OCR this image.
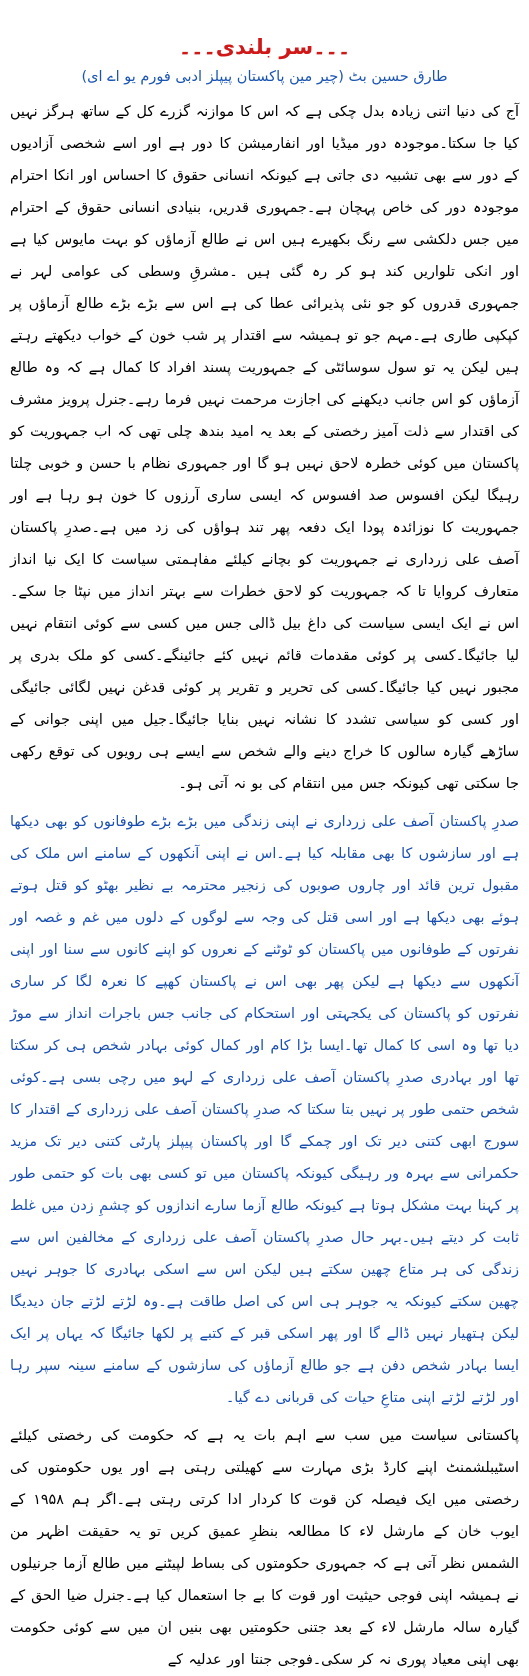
۔۔۔سر بلندی۔۔۔
طارق حسین بٹ (چیر مین پاکستان پیپلز ادبی فورم یو اے ای)

آج کی دنیا اتنی زیادہ بدل چکی ہے کہ اس کا موازنہ گزرے کل کے ساتھ ہرگز نہیں کیا جا سکتا۔موجودہ دور میڈیا اور انفارمیشن کا دور ہے اور اسے شخصی آزادیوں کے دور سے بھی تشبیہ دی جاتی ہے کیونکہ انسانی حقوق کا احساس اور انکا احترام موجودہ دور کی خاص پہچان ہے۔جمہوری قدریں، بنیادی انسانی حقوق کے احترام میں جس دلکشی سے رنگ بکھیرے ہیں اس نے طالع آزماؤں کو بہت مایوس کیا ہے اور انکی تلواریں کند ہو کر رہ گئی ہیں ۔مشرقِ وسطی کی عوامی لہر نے جمہوری قدروں کو جو نئی پذیرائی عطا کی ہے اس سے بڑے بڑے طالع آزماؤں پر کپکپی طاری ہے۔مہم جو تو ہمیشہ سے اقتدار پر شب خون کے خواب دیکھتے رہتے ہیں لیکن یہ تو سول سوسائٹی کے جمہوریت پسند افراد کا کمال ہے کہ وہ طالع آزماؤں کو اس جانب دیکھنے کی اجازت مرحمت نہیں فرما رہے۔جنرل پرویز مشرف کی اقتدار سے ذلت آمیز رخصتی کے بعد یہ امید بندھ چلی تھی کہ اب جمہوریت کو پاکستان میں کوئی خطرہ لاحق نہیں ہو گا اور جمہوری نظام با حسن و خوبی چلتا رہیگا لیکن افسوس صد افسوس کہ ایسی ساری آرزوں کا خون ہو رہا ہے اور جمہوریت کا نوزائدہ پودا ایک دفعہ پھر تند ہواؤں کی زد میں ہے۔صدرِ پاکستان آصف علی زرداری نے جمہوریت کو بچانے کیلئے مفاہمتی سیاست کا ایک نیا انداز متعارف کروایا تا کہ جمہوریت کو لاحق خطرات سے بہتر انداز میں نپٹا جا سکے۔اس نے ایک ایسی سیاست کی داغ بیل ڈالی جس میں کسی سے کوئی انتقام نہیں لیا جائیگا۔کسی پر کوئی مقدمات قائم نہیں کئے جائینگے۔کسی کو ملک بدری پر مجبور نہیں کیا جائیگا۔کسی کی تحریر و تقریر پر کوئی قدغن نہیں لگائی جائیگی اور کسی کو سیاسی تشدد کا نشانہ نہیں بنایا جائیگا۔جیل میں اپنی جوانی کے ساڑھے گیارہ سالوں کا خراج دینے والے شخص سے ایسے ہی رویوں کی توقع رکھی جا سکتی تھی کیونکہ جس میں انتقام کی بو نہ آتی ہو۔

صدرِ پاکستان آصف علی زرداری نے اپنی زندگی میں بڑے بڑے طوفانوں کو بھی دیکھا ہے اور سازشوں کا بھی مقابلہ کیا ہے۔اس نے اپنی آنکھوں کے سامنے اس ملک کی مقبول ترین قائد اور چاروں صوبوں کی زنجیر محترمہ بے نظیر بھٹو کو قتل ہوتے ہوئے بھی دیکھا ہے اور اسی قتل کی وجہ سے لوگوں کے دلوں میں غم و غصہ اور نفرتوں کے طوفانوں میں پاکستان کو ٹوٹنے کے نعروں کو اپنے کانوں سے سنا اور اپنی آنکھوں سے دیکھا ہے لیکن پھر بھی اس نے پاکستان کھپے کا نعرہ لگا کر ساری نفرتوں کو پاکستان کی یکجہتی اور استحکام کی جانب جس باجرات انداز سے موڑ دیا تھا وہ اسی کا کمال تھا۔ایسا بڑا کام اور کمال کوئی بہادر شخص ہی کر سکتا تھا اور بہادری صدرِ پاکستان آصف علی زرداری کے لہو میں رچی بسی ہے۔کوئی شخص حتمی طور پر نہیں بتا سکتا کہ صدرِ پاکستان آصف علی زرداری کے اقتدار کا سورج ابھی کتنی دیر تک اور چمکے گا اور پاکستان پیپلز پارٹی کتنی دیر تک مزید حکمرانی سے بہرہ ور رہیگی کیونکہ پاکستان میں تو کسی بھی بات کو حتمی طور پر کہنا بہت مشکل ہوتا ہے کیونکہ طالع آزما سارے اندازوں کو چشمِ زدن میں غلط ثابت کر دیتے ہیں۔بہر حال صدرِ پاکستان آصف علی زرداری کے مخالفین اس سے زندگی کی ہر متاع چھین سکتے ہیں لیکن اس سے اسکی بہادری کا جوہر نہیں چھین سکتے کیونکہ یہ جوہر ہی اس کی اصل طاقت ہے۔وہ لڑتے لڑتے جان دیدیگا لیکن ہتھیار نہیں ڈالے گا اور پھر اسکی قبر کے کتبے پر لکھا جائیگا کہ یہاں پر ایک ایسا بہادر شخص دفن ہے جو طالع آزماؤں کی سازشوں کے سامنے سینہ سپر رہا اور لڑتے لڑتے اپنی متاعِ حیات کی قربانی دے گیا۔

پاکستانی سیاست میں سب سے اہم بات یہ ہے کہ حکومت کی رخصتی کیلئے اسٹیبلشمنٹ اپنے کارڈ بڑی مہارت سے کھیلتی رہتی ہے اور یوں حکومتوں کی رخصتی میں ایک فیصلہ کن قوت کا کردار ادا کرتی رہتی ہے۔اگر ہم ۱۹۵۸ کے ایوب خان کے مارشل لاء کا مطالعہ بنظرِ عمیق کریں تو یہ حقیقت اظہر من الشمس نظر آتی ہے کہ جمہوری حکومتوں کی بساط لپیٹنے میں طالع آزما جرنیلوں نے ہمیشہ اپنی فوجی حیثیت اور قوت کا بے جا استعمال کیا ہے۔جنرل ضیا الحق کے گیارہ سالہ مارشل لاء کے بعد جتنی حکومتیں بھی بنیں ان میں سے کوئی حکومت بھی اپنی معیاد پوری نہ کر سکی۔فوجی جنتا اور عدلیہ کے
